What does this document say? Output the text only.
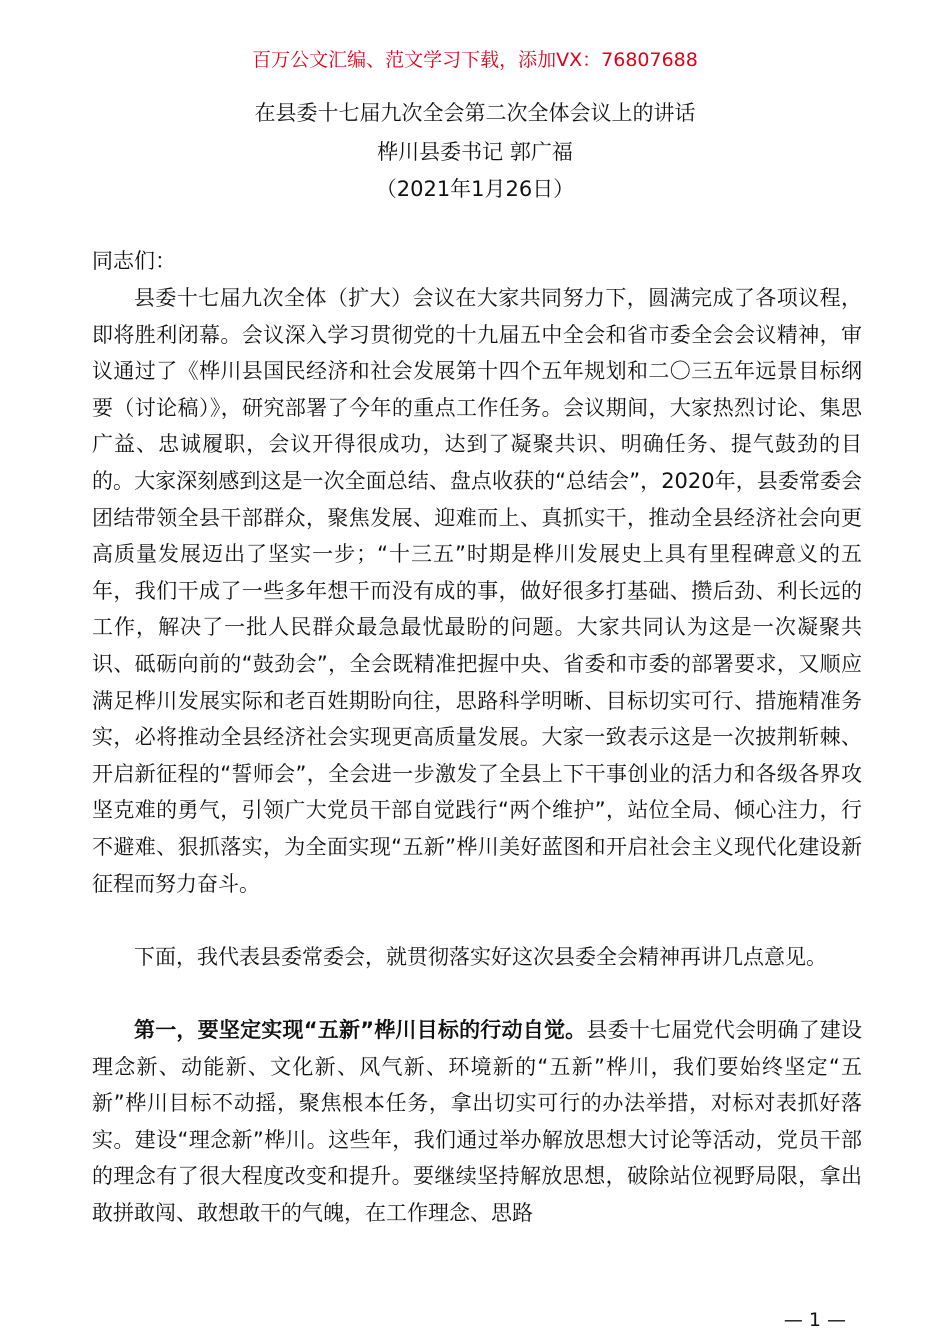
百万公文汇编、范文学习下载，添加VX：76807688
在县委十七届九次全会第二次全体会议上的讲话
桦川县委书记 郭广福
（2021年1月26日）
同志们：

县委十七届九次全体（扩大）会议在大家共同努力下，圆满完成了各项议程，即将胜利闭幕。会议深入学习贯彻党的十九届五中全会和省市委全会会议精神，审议通过了《桦川县国民经济和社会发展第十四个五年规划和二〇三五年远景目标纲要（讨论稿）》，研究部署了今年的重点工作任务。会议期间，大家热烈讨论、集思广益、忠诚履职，会议开得很成功，达到了凝聚共识、明确任务、提气鼓劲的目的。大家深刻感到这是一次全面总结、盘点收获的“总结会”，2020年，县委常委会团结带领全县干部群众，聚焦发展、迎难而上、真抓实干，推动全县经济社会向更高质量发展迈出了坚实一步；“十三五”时期是桦川发展史上具有里程碑意义的五年，我们干成了一些多年想干而没有成的事，做好很多打基础、攒后劲、利长远的工作，解决了一批人民群众最急最忧最盼的问题。大家共同认为这是一次凝聚共识、砥砺向前的“鼓劲会”，全会既精准把握中央、省委和市委的部署要求，又顺应满足桦川发展实际和老百姓期盼向往，思路科学明晰、目标切实可行、措施精准务实，必将推动全县经济社会实现更高质量发展。大家一致表示这是一次披荆斩棘、开启新征程的“誓师会”，全会进一步激发了全县上下干事创业的活力和各级各界攻坚克难的勇气，引领广大党员干部自觉践行“两个维护”，站位全局、倾心注力，行不避难、狠抓落实，为全面实现“五新”桦川美好蓝图和开启社会主义现代化建设新征程而努力奋斗。

下面，我代表县委常委会，就贯彻落实好这次县委全会精神再讲几点意见。

第一，要坚定实现“五新”桦川目标的行动自觉。县委十七届党代会明确了建设理念新、动能新、文化新、风气新、环境新的“五新”桦川，我们要始终坚定“五新”桦川目标不动摇，聚焦根本任务，拿出切实可行的办法举措，对标对表抓好落实。建设“理念新”桦川。这些年，我们通过举办解放思想大讨论等活动，党员干部的理念有了很大程度改变和提升。要继续坚持解放思想，破除站位视野局限，拿出敢拼敢闯、敢想敢干的气魄，在工作理念、思路

— 1 —
